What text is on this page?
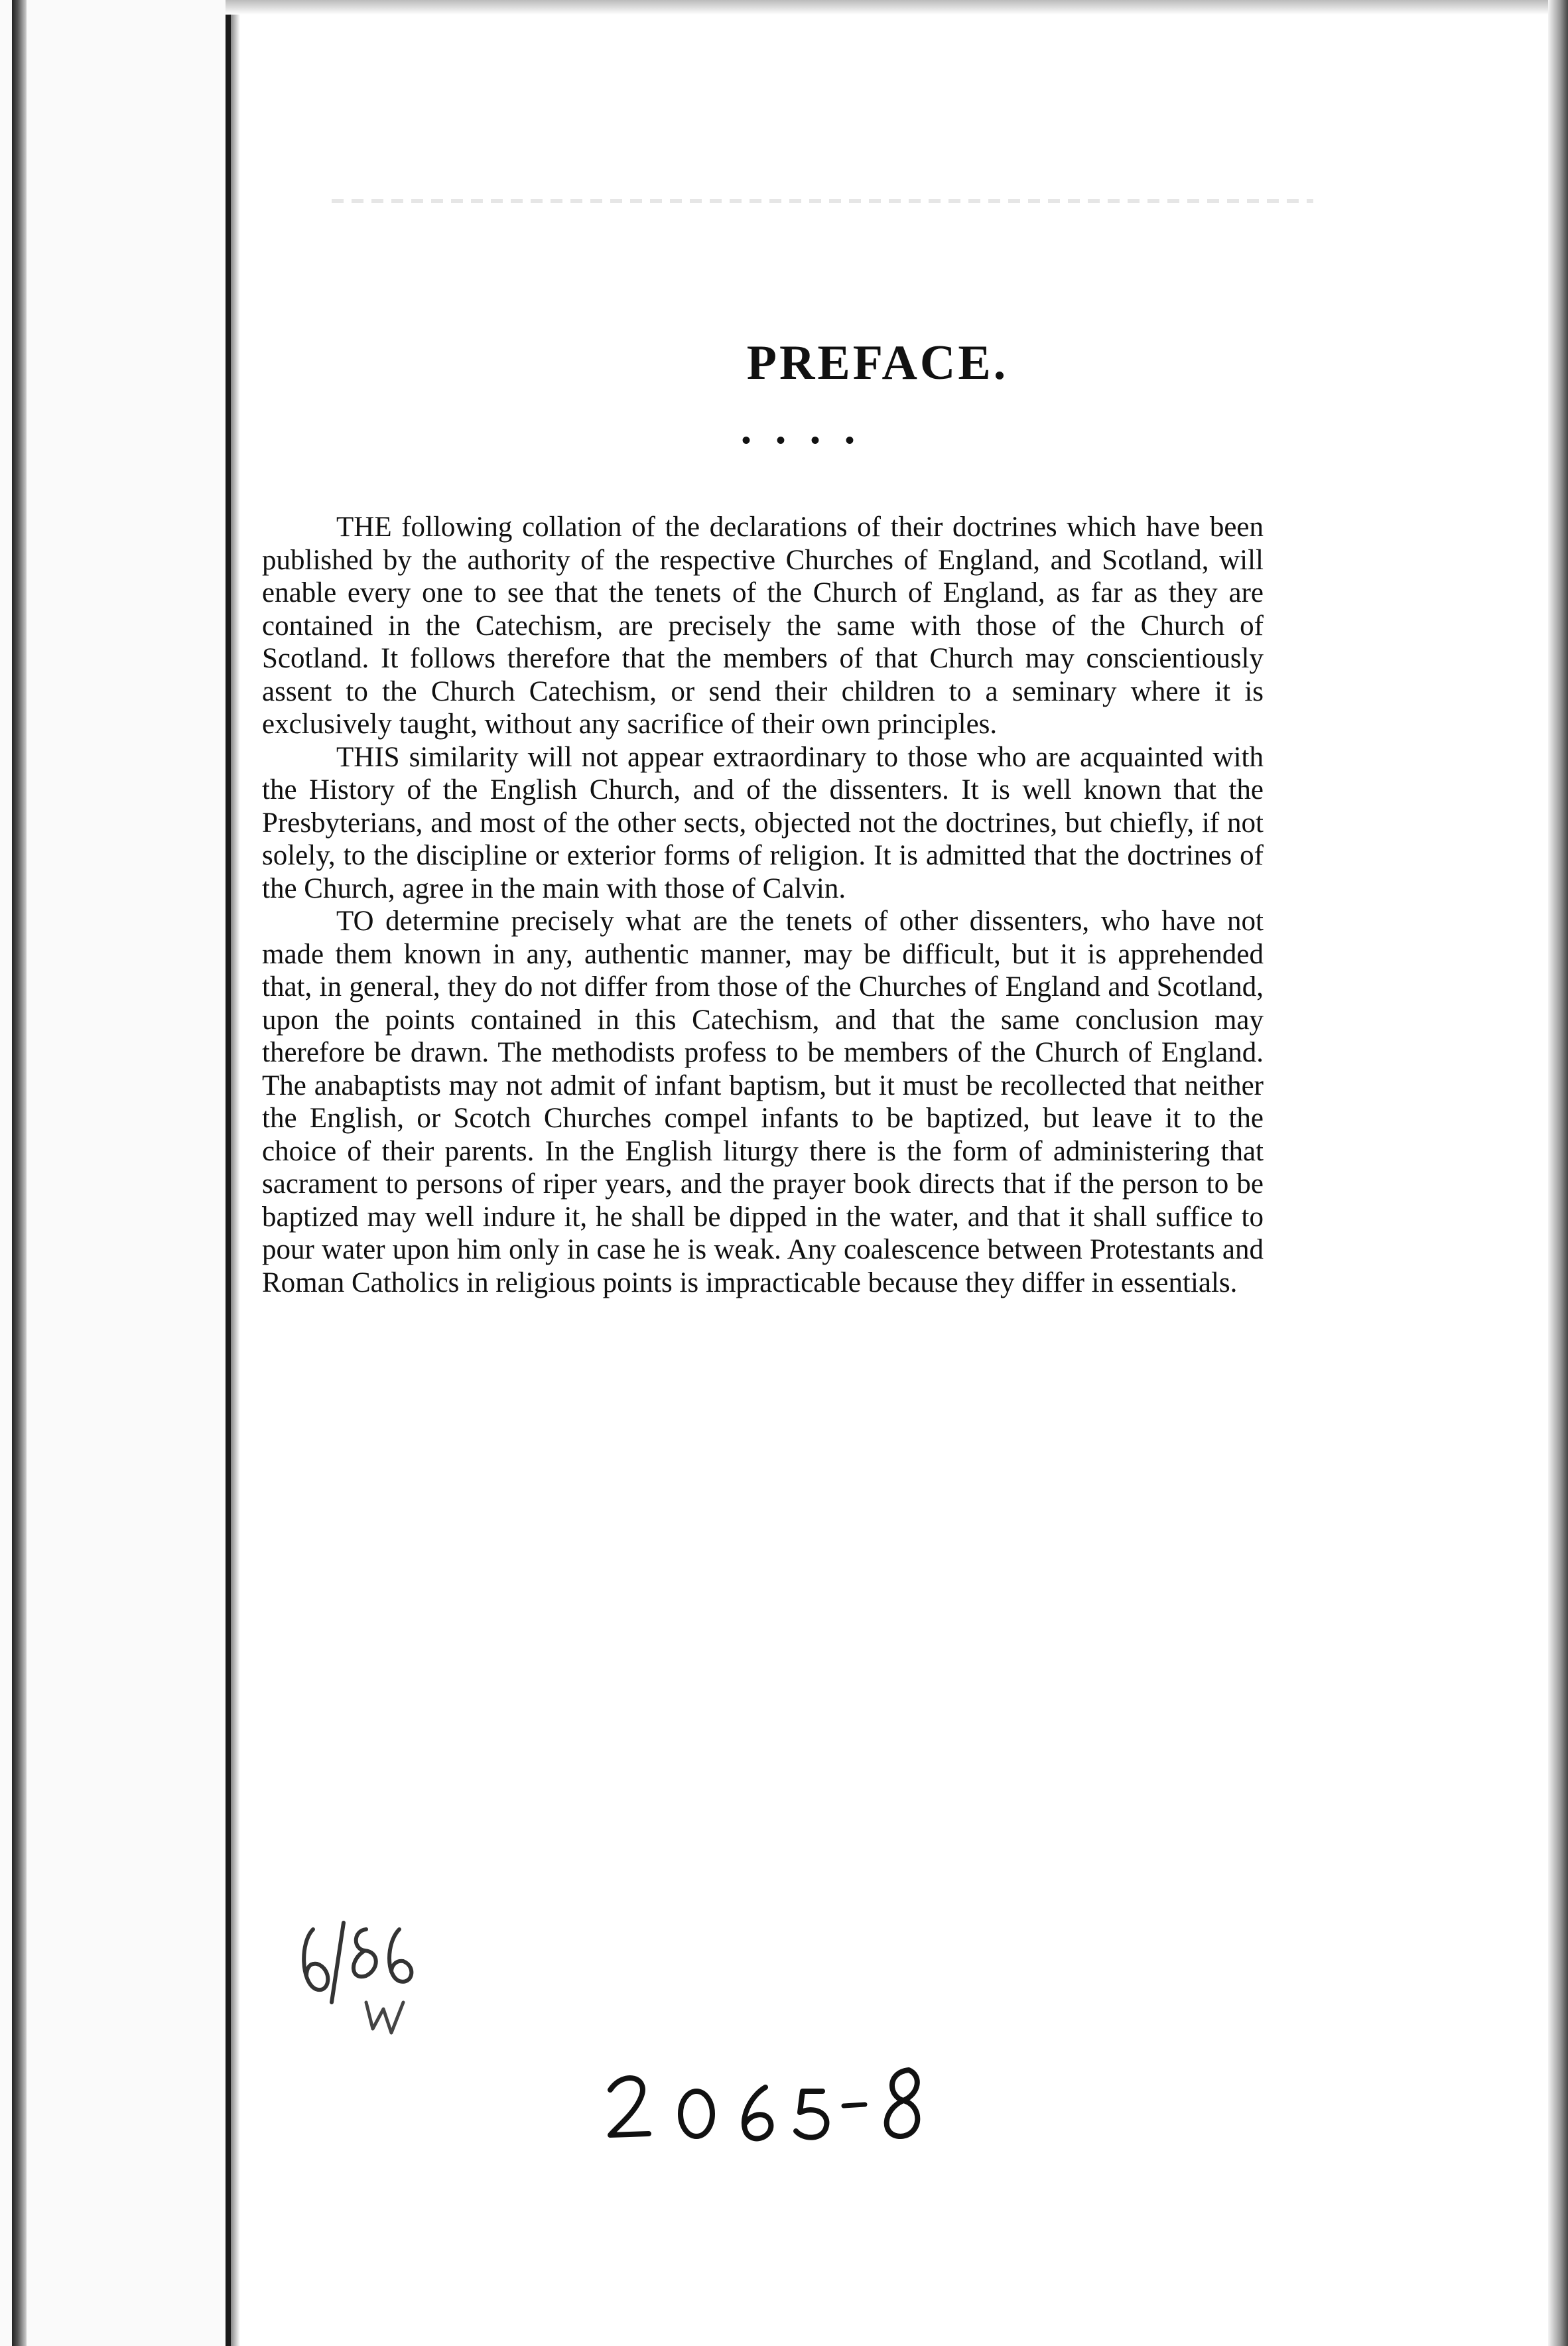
PREFACE.
• • • •

THE following collation of the declarations of their doctrines which have been published by the authority of the respective Churches of England, and Scotland, will enable every one to see that the tenets of the Church of England, as far as they are contained in the Catechism, are precisely the same with those of the Church of Scotland. It follows therefore that the members of that Church may conscientiously assent to the Church Catechism, or send their children to a seminary where it is exclusively taught, without any sacrifice of their own principles.

THIS similarity will not appear extraordinary to those who are acquainted with the History of the English Church, and of the dissenters. It is well known that the Presbyterians, and most of the other sects, objected not the doctrines, but chiefly, if not solely, to the discipline or exterior forms of religion. It is admitted that the doctrines of the Church, agree in the main with those of Calvin.

TO determine precisely what are the tenets of other dissenters, who have not made them known in any, authentic manner, may be difficult, but it is apprehended that, in general, they do not differ from those of the Churches of England and Scotland, upon the points contained in this Catechism, and that the same conclusion may therefore be drawn. The methodists profess to be members of the Church of England. The anabaptists may not admit of infant baptism, but it must be recollected that neither the English, or Scotch Churches compel infants to be baptized, but leave it to the choice of their parents. In the English liturgy there is the form of administering that sacrament to persons of riper years, and the prayer book directs that if the person to be baptized may well indure it, he shall be dipped in the water, and that it shall suffice to pour water upon him only in case he is weak. Any coalescence between Protestants and Roman Catholics in religious points is impracticable because they differ in essentials.
